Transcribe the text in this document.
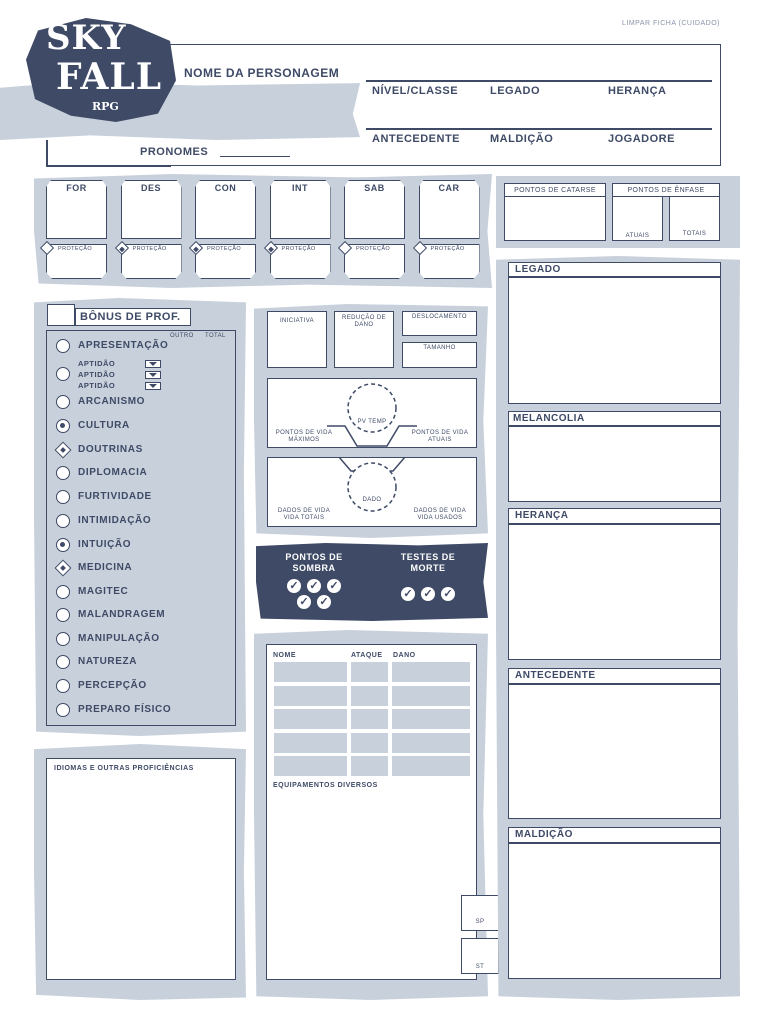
LIMPAR FICHA (CUIDADO)
SKY
FALL
RPG
NOME DA PERSONAGEM
PRONOMES
NÍVEL/CLASSE	LEGADO	HERANÇA
ANTECEDENTE	MALDIÇÃO	JOGADORE
FOR
PROTEÇÃO
DES
PROTEÇÃO
CON
PROTEÇÃO
INT
PROTEÇÃO
SAB
PROTEÇÃO
CAR
PROTEÇÃO
PONTOS DE CATARSE	PONTOS DE ÊNFASE
ATUAIS	TOTAIS
BÔNUS DE PROF.
OUTRO TOTAL
APRESENTAÇÃO
ARCANISMO
CULTURA
DOUTRINAS
DIPLOMACIA
FURTIVIDADE
INTIMIDAÇÃO
INTUIÇÃO
MEDICINA
MAGITEC
MALANDRAGEM
MANIPULAÇÃO
NATUREZA
PERCEPÇÃO
PREPARO FÍSICO
APTIDÃO
APTIDÃO
APTIDÃO
IDIOMAS E OUTRAS PROFICIÊNCIAS
INICIATIVA	REDUÇÃO DE DANO
DESLOCAMENTO
TAMANHO
PV TEMP
PONTOS DE VIDA MÁXIMOS
PONTOS DE VIDA ATUAIS
DADO
DADOS DE VIDA VIDA TOTAIS
DADOS DE VIDA VIDA USADOS
PONTOS DE SOMBRA
TESTES DE MORTE
✓ ✓ ✓
✓ ✓
✓ ✓ ✓
NOME	ATAQUE DANO
EQUIPAMENTOS DIVERSOS
SP
ST
LEGADO
MELANCOLIA
HERANÇA
ANTECEDENTE
MALDIÇÃO
